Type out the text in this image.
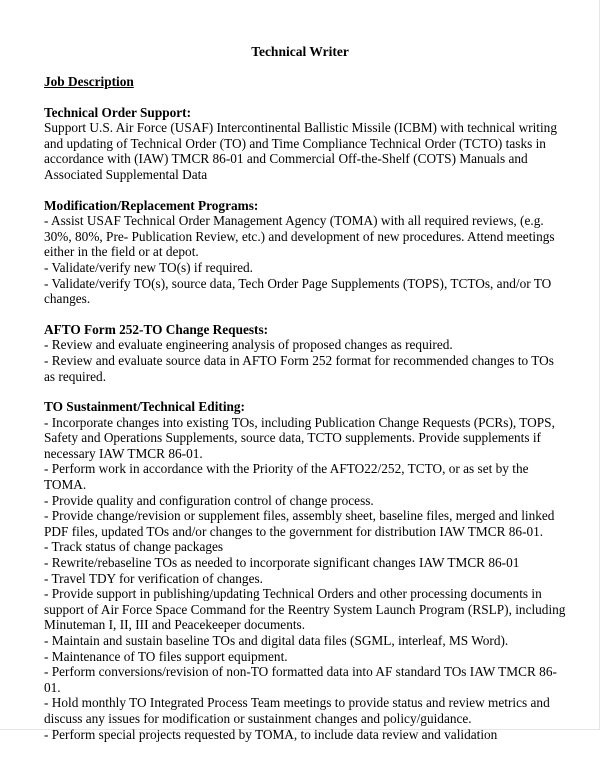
Technical Writer

Job Description

Technical Order Support:

Support U.S. Air Force (USAF) Intercontinental Ballistic Missile (ICBM) with technical writing and updating of Technical Order (TO) and Time Compliance Technical Order (TCTO) tasks in accordance with (IAW) TMCR 86-01 and Commercial Off-the-Shelf (COTS) Manuals and Associated Supplemental Data

Modification/Replacement Programs:

- Assist USAF Technical Order Management Agency (TOMA) with all required reviews, (e.g. 30%, 80%, Pre- Publication Review, etc.) and development of new procedures. Attend meetings either in the field or at depot.
- Validate/verify new TO(s) if required.
- Validate/verify TO(s), source data, Tech Order Page Supplements (TOPS), TCTOs, and/or TO changes.

AFTO Form 252-TO Change Requests:

- Review and evaluate engineering analysis of proposed changes as required.
- Review and evaluate source data in AFTO Form 252 format for recommended changes to TOs as required.

TO Sustainment/Technical Editing:

- Incorporate changes into existing TOs, including Publication Change Requests (PCRs), TOPS, Safety and Operations Supplements, source data, TCTO supplements. Provide supplements if necessary IAW TMCR 86-01.
- Perform work in accordance with the Priority of the AFTO22/252, TCTO, or as set by the TOMA.
- Provide quality and configuration control of change process.
- Provide change/revision or supplement files, assembly sheet, baseline files, merged and linked PDF files, updated TOs and/or changes to the government for distribution IAW TMCR 86-01.
- Track status of change packages
- Rewrite/rebaseline TOs as needed to incorporate significant changes IAW TMCR 86-01
- Travel TDY for verification of changes.
- Provide support in publishing/updating Technical Orders and other processing documents in support of Air Force Space Command for the Reentry System Launch Program (RSLP), including Minuteman I, II, III and Peacekeeper documents.
- Maintain and sustain baseline TOs and digital data files (SGML, interleaf, MS Word).
- Maintenance of TO files support equipment.
- Perform conversions/revision of non-TO formatted data into AF standard TOs IAW TMCR 86-01.
- Hold monthly TO Integrated Process Team meetings to provide status and review metrics and discuss any issues for modification or sustainment changes and policy/guidance.
- Perform special projects requested by TOMA, to include data review and validation
